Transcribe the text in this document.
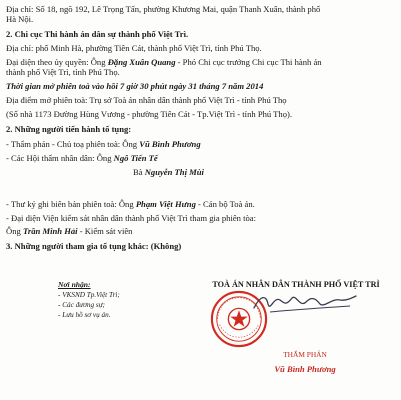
Địa chỉ: Số 18, ngõ 192, Lê Trọng Tấn, phường Khương Mai, quận Thanh Xuân, thành phố
Hà Nội.
2. Chi cục Thi hành án dân sự thành phố Việt Trì.
Địa chỉ: phố Minh Hà, phường Tiên Cát, thành phố Việt Trì, tỉnh Phú Thọ.
Đại diện theo ủy quyền: Ông Đặng Xuân Quang - Phó Chi cục trưởng Chi cục Thi hành án
thành phố Việt Trì, tỉnh Phú Thọ.
Thời gian mở phiên toà vào hồi 7 giờ 30 phút ngày 31 tháng 7 năm 2014
Địa điểm mở phiên toà: Trụ sở Toà án nhân dân thành phố Việt Trì - tỉnh Phú Thọ
(Số nhà 1173 Đường Hùng Vương - phường Tiên Cát - Tp.Việt Trì - tỉnh Phú Thọ).
2. Những người tiến hành tố tụng:
- Thẩm phán - Chủ toạ phiên toà: Ông Vũ Bình Phương
- Các Hội thẩm nhân dân: Ông Ngô Tiến Tế
Bà Nguyễn Thị Mùi
- Thư ký ghi biên bản phiên toà: Ông Phạm Việt Hưng - Cán bộ Toà án.
- Đại diện Viện kiểm sát nhân dân thành phố Việt Trì tham gia phiên tòa:
Ông Trần Minh Hải - Kiểm sát viên
3. Những người tham gia tố tụng khác: (Không)
Nơi nhận:
- VKSND Tp.Việt Trì;
- Các đương sự;
- Lưu hồ sơ vụ án.
TOÀ ÁN NHÂN DÂN THÀNH PHỐ VIỆT TRÌ
THẨM PHÁN
Vũ Bình Phương
